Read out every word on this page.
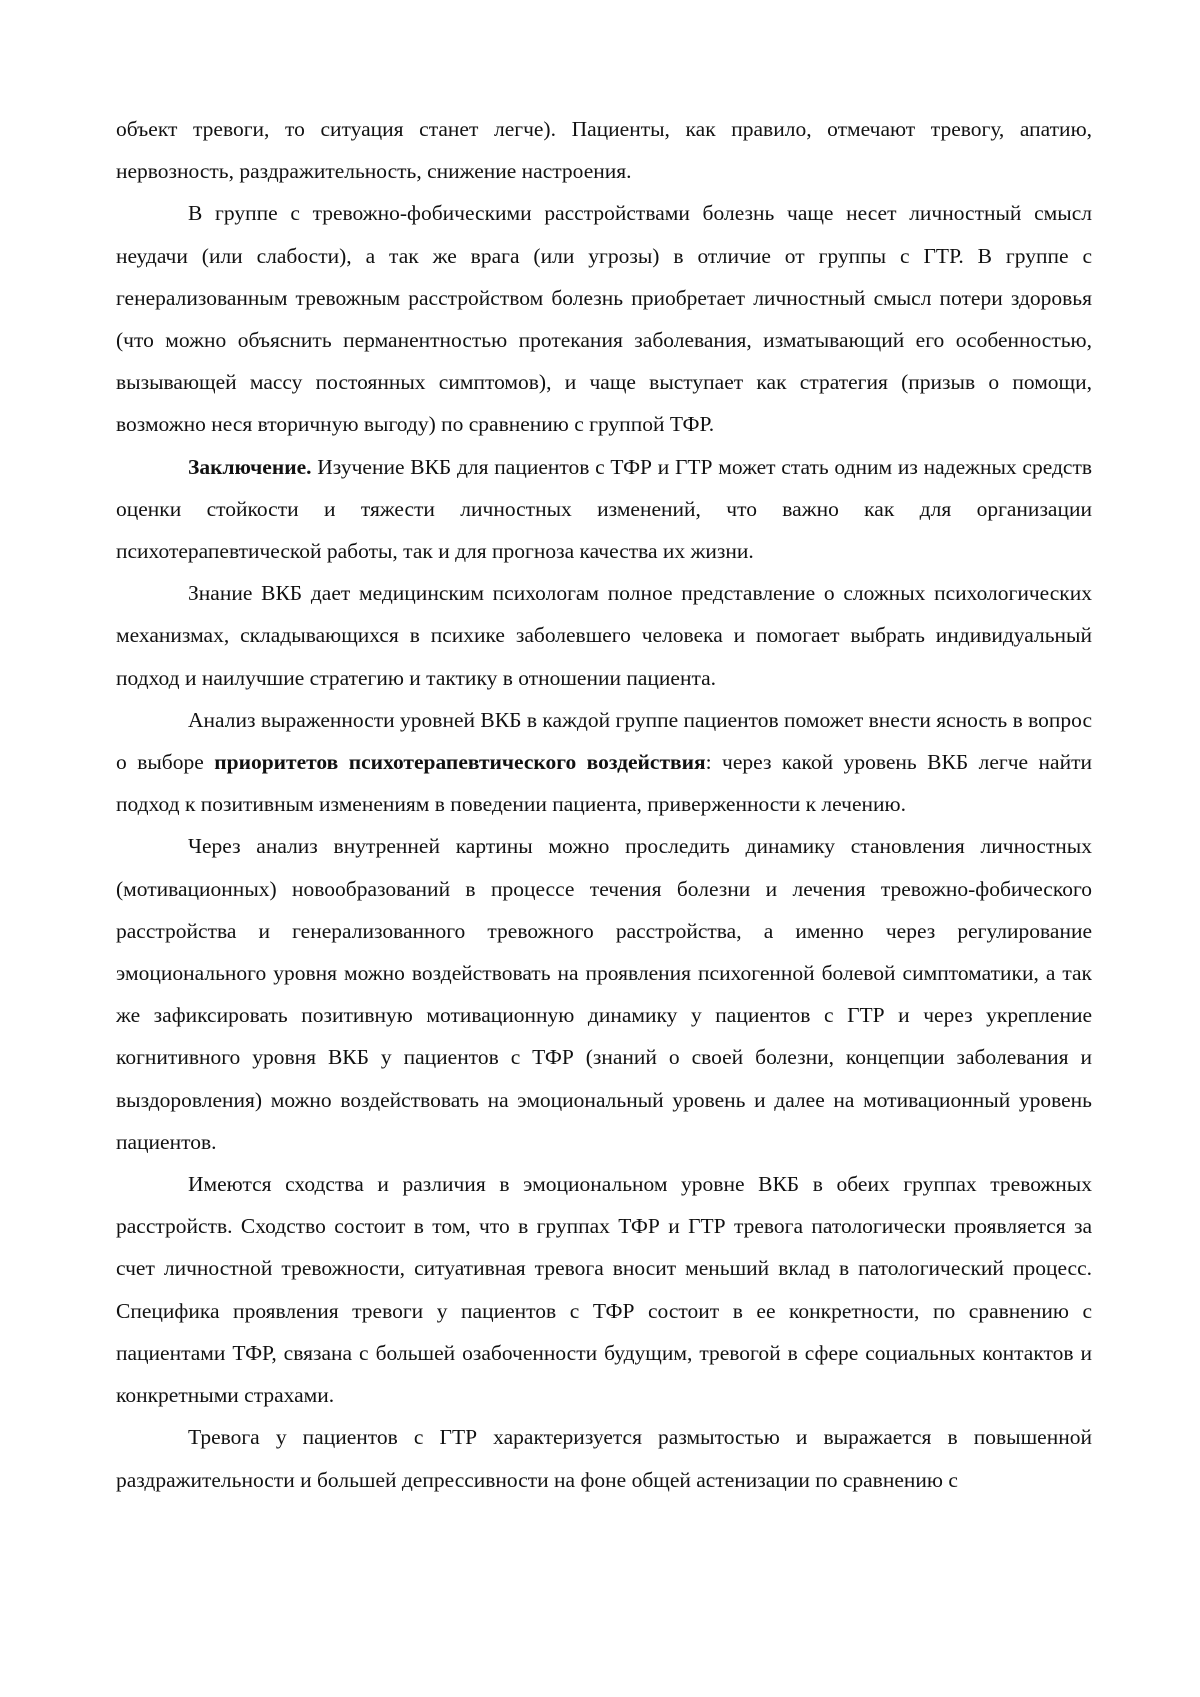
объект тревоги, то ситуация станет легче). Пациенты, как правило, отмечают тревогу, апатию, нервозность, раздражительность, снижение настроения.

В группе с тревожно-фобическими расстройствами болезнь чаще несет личностный смысл неудачи (или слабости), а так же врага (или угрозы) в отличие от группы с ГТР. В группе с генерализованным тревожным расстройством болезнь приобретает личностный смысл потери здоровья (что можно объяснить перманентностью протекания заболевания, изматывающий его особенностью, вызывающей массу постоянных симптомов), и чаще выступает как стратегия (призыв о помощи, возможно неся вторичную выгоду) по сравнению с группой ТФР.

Заключение. Изучение ВКБ для пациентов с ТФР и ГТР может стать одним из надежных средств оценки стойкости и тяжести личностных изменений, что важно как для организации психотерапевтической работы, так и для прогноза качества их жизни.

Знание ВКБ дает медицинским психологам полное представление о сложных психологических механизмах, складывающихся в психике заболевшего человека и помогает выбрать индивидуальный подход и наилучшие стратегию и тактику в отношении пациента.

Анализ выраженности уровней ВКБ в каждой группе пациентов поможет внести ясность в вопрос о выборе приоритетов психотерапевтического воздействия: через какой уровень ВКБ легче найти подход к позитивным изменениям в поведении пациента, приверженности к лечению.

Через анализ внутренней картины можно проследить динамику становления личностных (мотивационных) новообразований в процессе течения болезни и лечения тревожно-фобического расстройства и генерализованного тревожного расстройства, а именно через регулирование эмоционального уровня можно воздействовать на проявления психогенной болевой симптоматики, а так же зафиксировать позитивную мотивационную динамику у пациентов с ГТР и через укрепление когнитивного уровня ВКБ у пациентов с ТФР (знаний о своей болезни, концепции заболевания и выздоровления) можно воздействовать на эмоциональный уровень и далее на мотивационный уровень пациентов.

Имеются сходства и различия в эмоциональном уровне ВКБ в обеих группах тревожных расстройств. Сходство состоит в том, что в группах ТФР и ГТР тревога патологически проявляется за счет личностной тревожности, ситуативная тревога вносит меньший вклад в патологический процесс. Специфика проявления тревоги у пациентов с ТФР состоит в ее конкретности, по сравнению с пациентами ТФР, связана с большей озабоченности будущим, тревогой в сфере социальных контактов и конкретными страхами.

Тревога у пациентов с ГТР характеризуется размытостью и выражается в повышенной раздражительности и большей депрессивности на фоне общей астенизации по сравнению с
